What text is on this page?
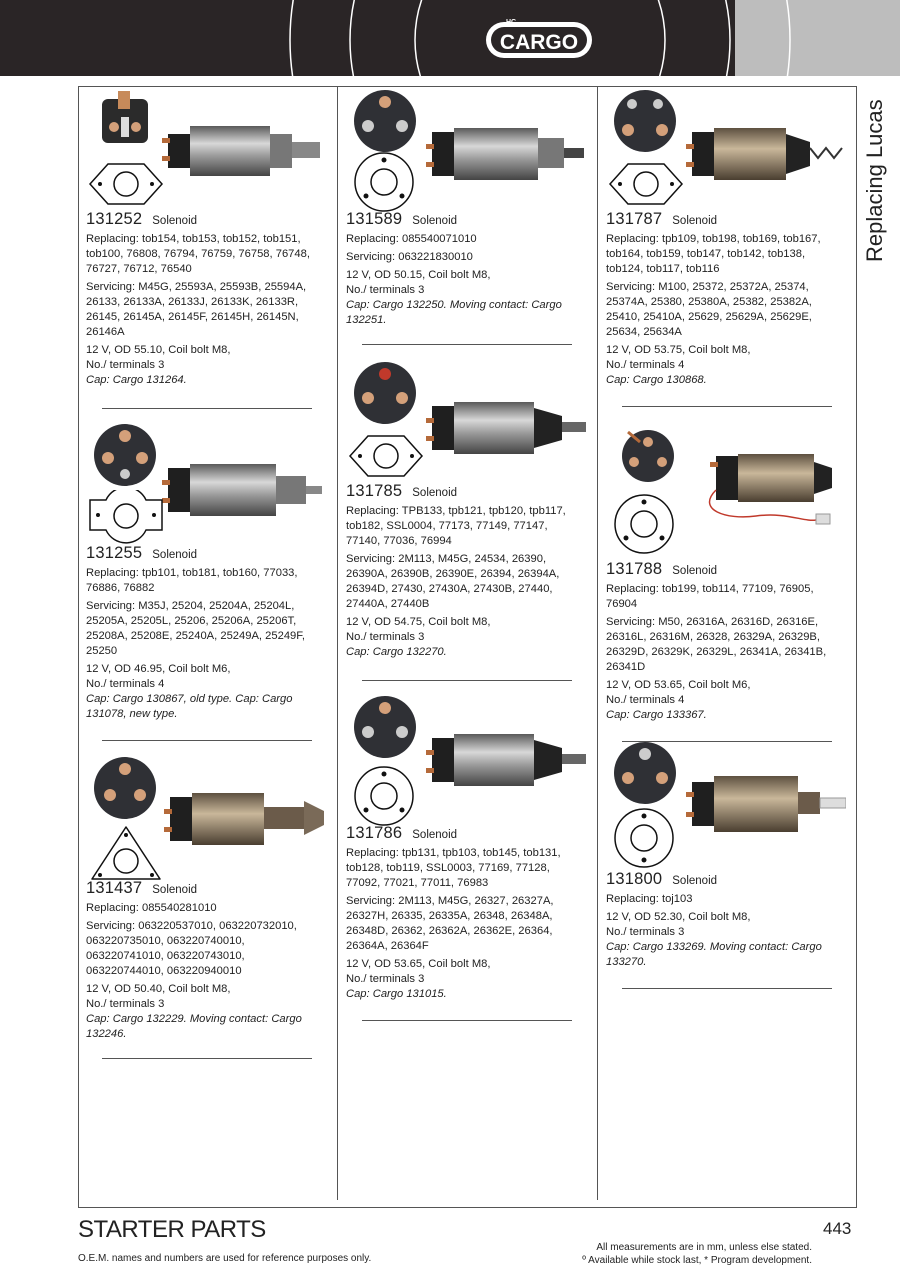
CARGO
HC
Replacing Lucas
131252 Solenoid

Replacing: tob154, tob153, tob152, tob151, tob100, 76808, 76794, 76759, 76758, 76748, 76727, 76712, 76540

Servicing: M45G, 25593A, 25593B, 25594A, 26133, 26133A, 26133J, 26133K, 26133R, 26145, 26145A, 26145F, 26145H, 26145N, 26146A

12 V, OD 55.10, Coil bolt M8,

No./ terminals 3

Cap: Cargo 131264.

131255 Solenoid

Replacing: tpb101, tob181, tob160, 77033, 76886, 76882

Servicing: M35J, 25204, 25204A, 25204L, 25205A, 25205L, 25206, 25206A, 25206T, 25208A, 25208E, 25240A, 25249A, 25249F, 25250

12 V, OD 46.95, Coil bolt M6,

No./ terminals 4

Cap: Cargo 130867, old type. Cap: Cargo 131078, new type.

131437 Solenoid

Replacing: 085540281010

Servicing: 063220537010, 063220732010, 063220735010, 063220740010, 063220741010, 063220743010, 063220744010, 063220940010

12 V, OD 50.40, Coil bolt M8,

No./ terminals 3

Cap: Cargo 132229. Moving contact: Cargo 132246.

131589 Solenoid

Replacing: 085540071010

Servicing: 063221830010

12 V, OD 50.15, Coil bolt M8,

No./ terminals 3

Cap: Cargo 132250. Moving contact: Cargo 132251.

131785 Solenoid

Replacing: TPB133, tpb121, tpb120, tpb117, tob182, SSL0004, 77173, 77149, 77147, 77140, 77036, 76994

Servicing: 2M113, M45G, 24534, 26390, 26390A, 26390B, 26390E, 26394, 26394A, 26394D, 27430, 27430A, 27430B, 27440, 27440A, 27440B

12 V, OD 54.75, Coil bolt M8,

No./ terminals 3

Cap: Cargo 132270.

131786 Solenoid

Replacing: tpb131, tpb103, tob145, tob131, tob128, tob119, SSL0003, 77169, 77128, 77092, 77021, 77011, 76983

Servicing: 2M113, M45G, 26327, 26327A, 26327H, 26335, 26335A, 26348, 26348A, 26348D, 26362, 26362A, 26362E, 26364, 26364A, 26364F

12 V, OD 53.65, Coil bolt M8,

No./ terminals 3

Cap: Cargo 131015.

131787 Solenoid

Replacing: tpb109, tob198, tob169, tob167, tob164, tob159, tob147, tob142, tob138, tob124, tob117, tob116

Servicing: M100, 25372, 25372A, 25374, 25374A, 25380, 25380A, 25382, 25382A, 25410, 25410A, 25629, 25629A, 25629E, 25634, 25634A

12 V, OD 53.75, Coil bolt M8,

No./ terminals 4

Cap: Cargo 130868.

131788 Solenoid

Replacing: tob199, tob114, 77109, 76905, 76904

Servicing: M50, 26316A, 26316D, 26316E, 26316L, 26316M, 26328, 26329A, 26329B, 26329D, 26329K, 26329L, 26341A, 26341B, 26341D

12 V, OD 53.65, Coil bolt M6,

No./ terminals 4

Cap: Cargo 133367.

131800 Solenoid

Replacing: toj103

12 V, OD 52.30, Coil bolt M8,

No./ terminals 3

Cap: Cargo 133269. Moving contact: Cargo 133270.

STARTER PARTS	443
O.E.M. names and numbers are used for reference purposes only.
All measurements are in mm, unless else stated.
º Available while stock last, * Program development.
